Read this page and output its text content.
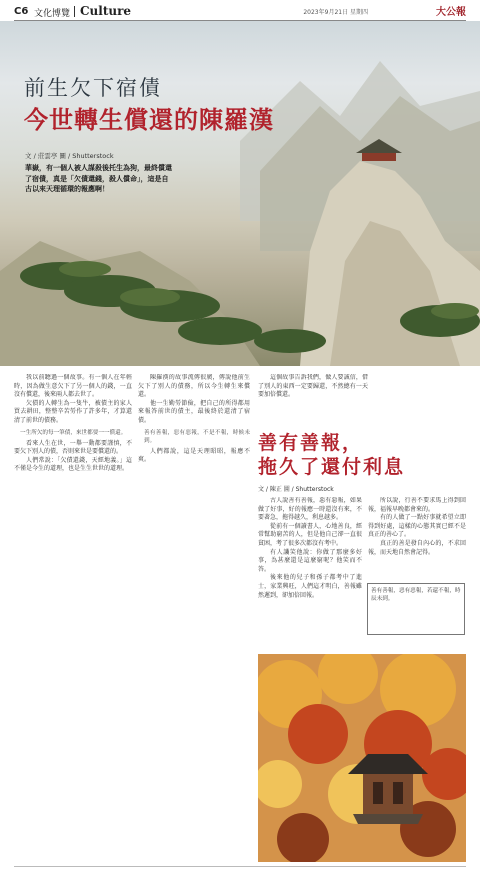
C6 文化博覽 Culture	2023年9月21日 星期四	大公報
前生欠下宿債
今世轉生償還的陳羅漢
文 / 莊雲亭 圖 / Shutterstock
華嶽，有一個人被人謀殺後托生為狗，最終償還了宿債，真是「欠債還錢，殺人償命」，這是自古以來天理循環的報應啊！

我以前聽過一個故事。有一個人在年輕時，因為做生意欠下了另一個人的錢，一直沒有償還，後來兩人都去世了。

欠債的人轉生為一隻牛，被債主的家人買去耕田，整整辛苦勞作了許多年，才算還清了前世的債務。

一生所欠的每一筆債，來世都要一一償還。

看來人生在世，一舉一動都要謹慎，不要欠下別人的債，否則來世是要償還的。

人們常說：「欠債還錢，天經地義。」這不僅是今生的道理，也是生生世世的道理。

陳羅漢的故事流傳很廣，傳說他前生欠下了別人的債務，所以今生轉生來償還。

他一生勤勞節儉，把自己的所得都用來報答前世的債主，最後終於還清了宿債。

善有善報，惡有惡報，不是不報，時候未到。

人們都說，這是天理昭昭，報應不爽。

這個故事告訴我們，做人要誠信，借了別人的東西一定要歸還，不然總有一天要加倍償還。

善有善報，
拖久了還付利息
文 / 陳正 圖 / Shutterstock

古人說善有善報，惡有惡報，如果做了好事，好的報應一時還沒有來，不要著急，拖得越久，利息越多。

從前有一個讀書人，心地善良，經常幫助窮苦的人，但是他自己卻一直很貧困，考了很多次都沒有考中。

有人譏笑他說：你做了那麼多好事，為甚麼還是這麼窮呢？他笑而不答。

後來他的兒子和孫子都考中了進士，家業興旺，人們這才明白，善報雖然遲到，卻加倍回報。

所以說，行善不要求馬上得到回報，福報早晚都會來的。

有的人做了一點好事就希望立即得到好處，這樣的心態其實已經不是真正的善心了。

真正的善是發自內心的，不求回報，而天地自然會記得。

善有善報，惡有惡報，若還不報，時辰未到。
